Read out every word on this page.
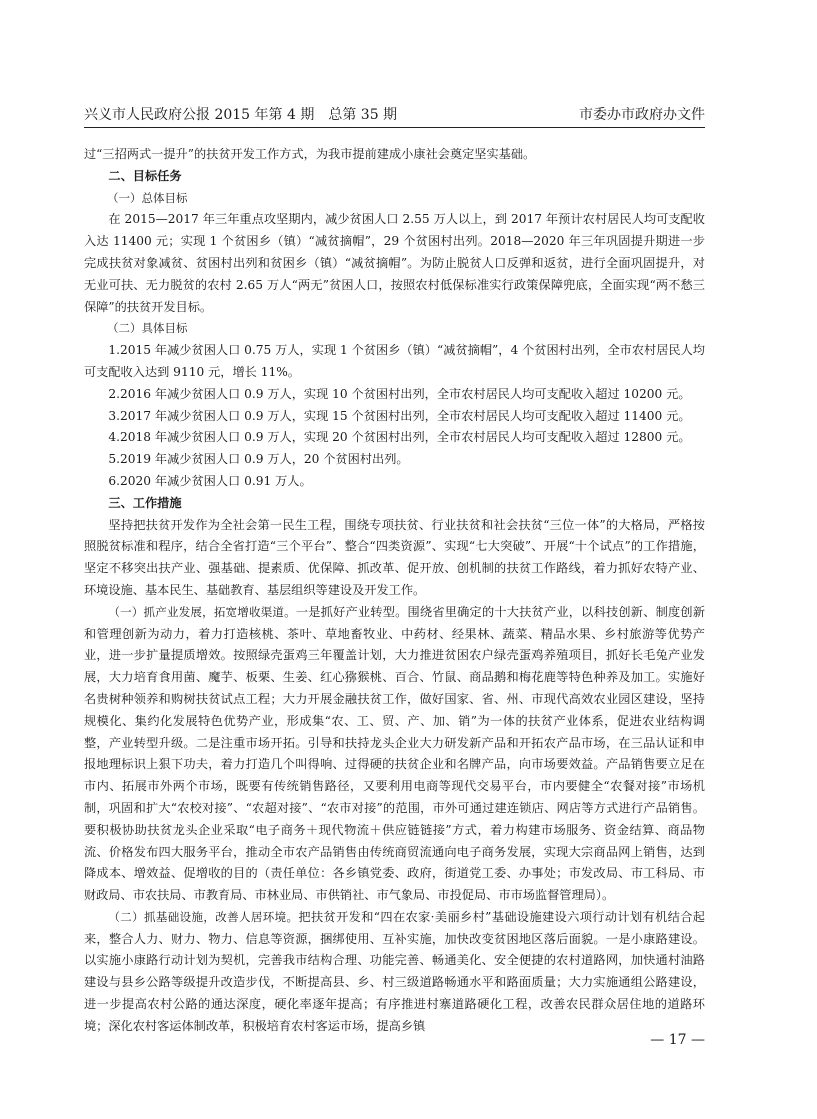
兴义市人民政府公报 2015 年第 4 期　总第 35 期	市委办市政府办文件

过“三招两式一提升”的扶贫开发工作方式，为我市提前建成小康社会奠定坚实基础。

二、目标任务

（一）总体目标

在 2015—2017 年三年重点攻坚期内，减少贫困人口 2.55 万人以上，到 2017 年预计农村居民人均可支配收入达 11400 元；实现 1 个贫困乡（镇）“减贫摘帽”，29 个贫困村出列。2018—2020 年三年巩固提升期进一步完成扶贫对象减贫、贫困村出列和贫困乡（镇）“减贫摘帽”。为防止脱贫人口反弹和返贫，进行全面巩固提升，对无业可扶、无力脱贫的农村 2.65 万人“两无”贫困人口，按照农村低保标准实行政策保障兜底，全面实现“两不愁三保障”的扶贫开发目标。

（二）具体目标

1.2015 年减少贫困人口 0.75 万人，实现 1 个贫困乡（镇）“减贫摘帽”，4 个贫困村出列，全市农村居民人均可支配收入达到 9110 元，增长 11%。

2.2016 年减少贫困人口 0.9 万人，实现 10 个贫困村出列，全市农村居民人均可支配收入超过 10200 元。

3.2017 年减少贫困人口 0.9 万人，实现 15 个贫困村出列，全市农村居民人均可支配收入超过 11400 元。

4.2018 年减少贫困人口 0.9 万人，实现 20 个贫困村出列，全市农村居民人均可支配收入超过 12800 元。

5.2019 年减少贫困人口 0.9 万人，20 个贫困村出列。

6.2020 年减少贫困人口 0.91 万人。

三、工作措施

坚持把扶贫开发作为全社会第一民生工程，围绕专项扶贫、行业扶贫和社会扶贫“三位一体”的大格局，严格按照脱贫标准和程序，结合全省打造“三个平台”、整合“四类资源”、实现“七大突破”、开展“十个试点”的工作措施，坚定不移突出扶产业、强基础、提素质、优保障、抓改革、促开放、创机制的扶贫工作路线，着力抓好农特产业、环境设施、基本民生、基础教育、基层组织等建设及开发工作。

（一）抓产业发展，拓宽增收渠道。一是抓好产业转型。围绕省里确定的十大扶贫产业，以科技创新、制度创新和管理创新为动力，着力打造核桃、茶叶、草地畜牧业、中药材、经果林、蔬菜、精品水果、乡村旅游等优势产业，进一步扩量提质增效。按照绿壳蛋鸡三年覆盖计划，大力推进贫困农户绿壳蛋鸡养殖项目，抓好长毛兔产业发展，大力培育食用菌、魔芋、板栗、生姜、红心猕猴桃、百合、竹鼠、商品鹅和梅花鹿等特色种养及加工。实施好名贵树种领养和购树扶贫试点工程；大力开展金融扶贫工作，做好国家、省、州、市现代高效农业园区建设，坚持规模化、集约化发展特色优势产业，形成集“农、工、贸、产、加、销”为一体的扶贫产业体系，促进农业结构调整，产业转型升级。二是注重市场开拓。引导和扶持龙头企业大力研发新产品和开拓农产品市场，在三品认证和申报地理标识上狠下功夫，着力打造几个叫得响、过得硬的扶贫企业和名牌产品，向市场要效益。产品销售要立足在市内、拓展市外两个市场，既要有传统销售路径，又要利用电商等现代交易平台，市内要健全“农餐对接”市场机制，巩固和扩大“农校对接”、“农超对接”、“农市对接”的范围，市外可通过建连锁店、网店等方式进行产品销售。要积极协助扶贫龙头企业采取“电子商务＋现代物流＋供应链链接”方式，着力构建市场服务、资金结算、商品物流、价格发布四大服务平台，推动全市农产品销售由传统商贸流通向电子商务发展，实现大宗商品网上销售，达到降成本、增效益、促增收的目的（责任单位：各乡镇党委、政府，街道党工委、办事处；市发改局、市工科局、市财政局、市农扶局、市教育局、市林业局、市供销社、市气象局、市投促局、市市场监督管理局）。

（二）抓基础设施，改善人居环境。把扶贫开发和“四在农家·美丽乡村”基础设施建设六项行动计划有机结合起来，整合人力、财力、物力、信息等资源，捆绑使用、互补实施，加快改变贫困地区落后面貌。一是小康路建设。以实施小康路行动计划为契机，完善我市结构合理、功能完善、畅通美化、安全便捷的农村道路网，加快通村油路建设与县乡公路等级提升改造步伐，不断提高县、乡、村三级道路畅通水平和路面质量；大力实施通组公路建设，进一步提高农村公路的通达深度，硬化率逐年提高；有序推进村寨道路硬化工程，改善农民群众居住地的道路环境；深化农村客运体制改革，积极培育农村客运市场，提高乡镇

— 17 —
